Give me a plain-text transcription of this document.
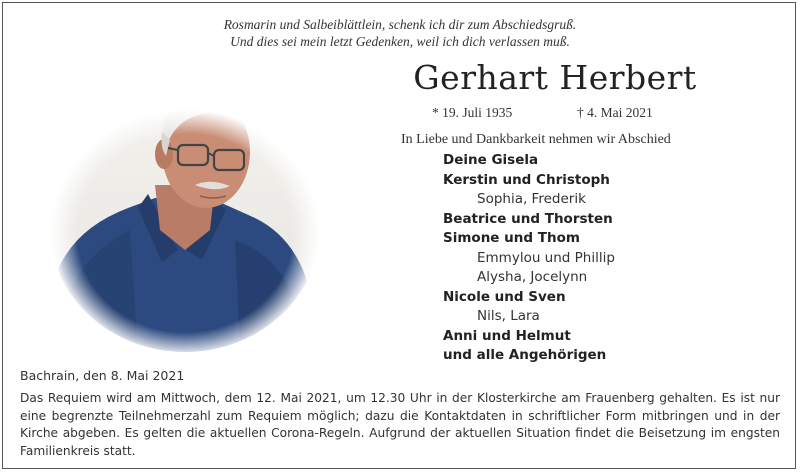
Rosmarin und Salbeiblättlein, schenk ich dir zum Abschiedsgruß.
Und dies sei mein letzt Gedenken, weil ich dich verlassen muß.
Gerhart Herbert
* 19. Juli 1935	† 4. Mai 2021
In Liebe und Dankbarkeit nehmen wir Abschied
Deine Gisela
Kerstin und Christoph
Sophia, Frederik
Beatrice und Thorsten
Simone und Thom
Emmylou und Phillip
Alysha, Jocelynn
Nicole und Sven
Nils, Lara
Anni und Helmut
und alle Angehörigen
Bachrain, den 8. Mai 2021
Das Requiem wird am Mittwoch, dem 12. Mai 2021, um 12.30 Uhr in der Klosterkirche am Frauenberg gehalten. Es ist nur eine begrenzte Teilnehmerzahl zum Requiem möglich; dazu die Kontaktdaten in schriftlicher Form mitbringen und in der Kirche abgeben. Es gelten die aktuellen Corona-Regeln. Aufgrund der aktuellen Situation findet die Beisetzung im engsten Familienkreis statt.
